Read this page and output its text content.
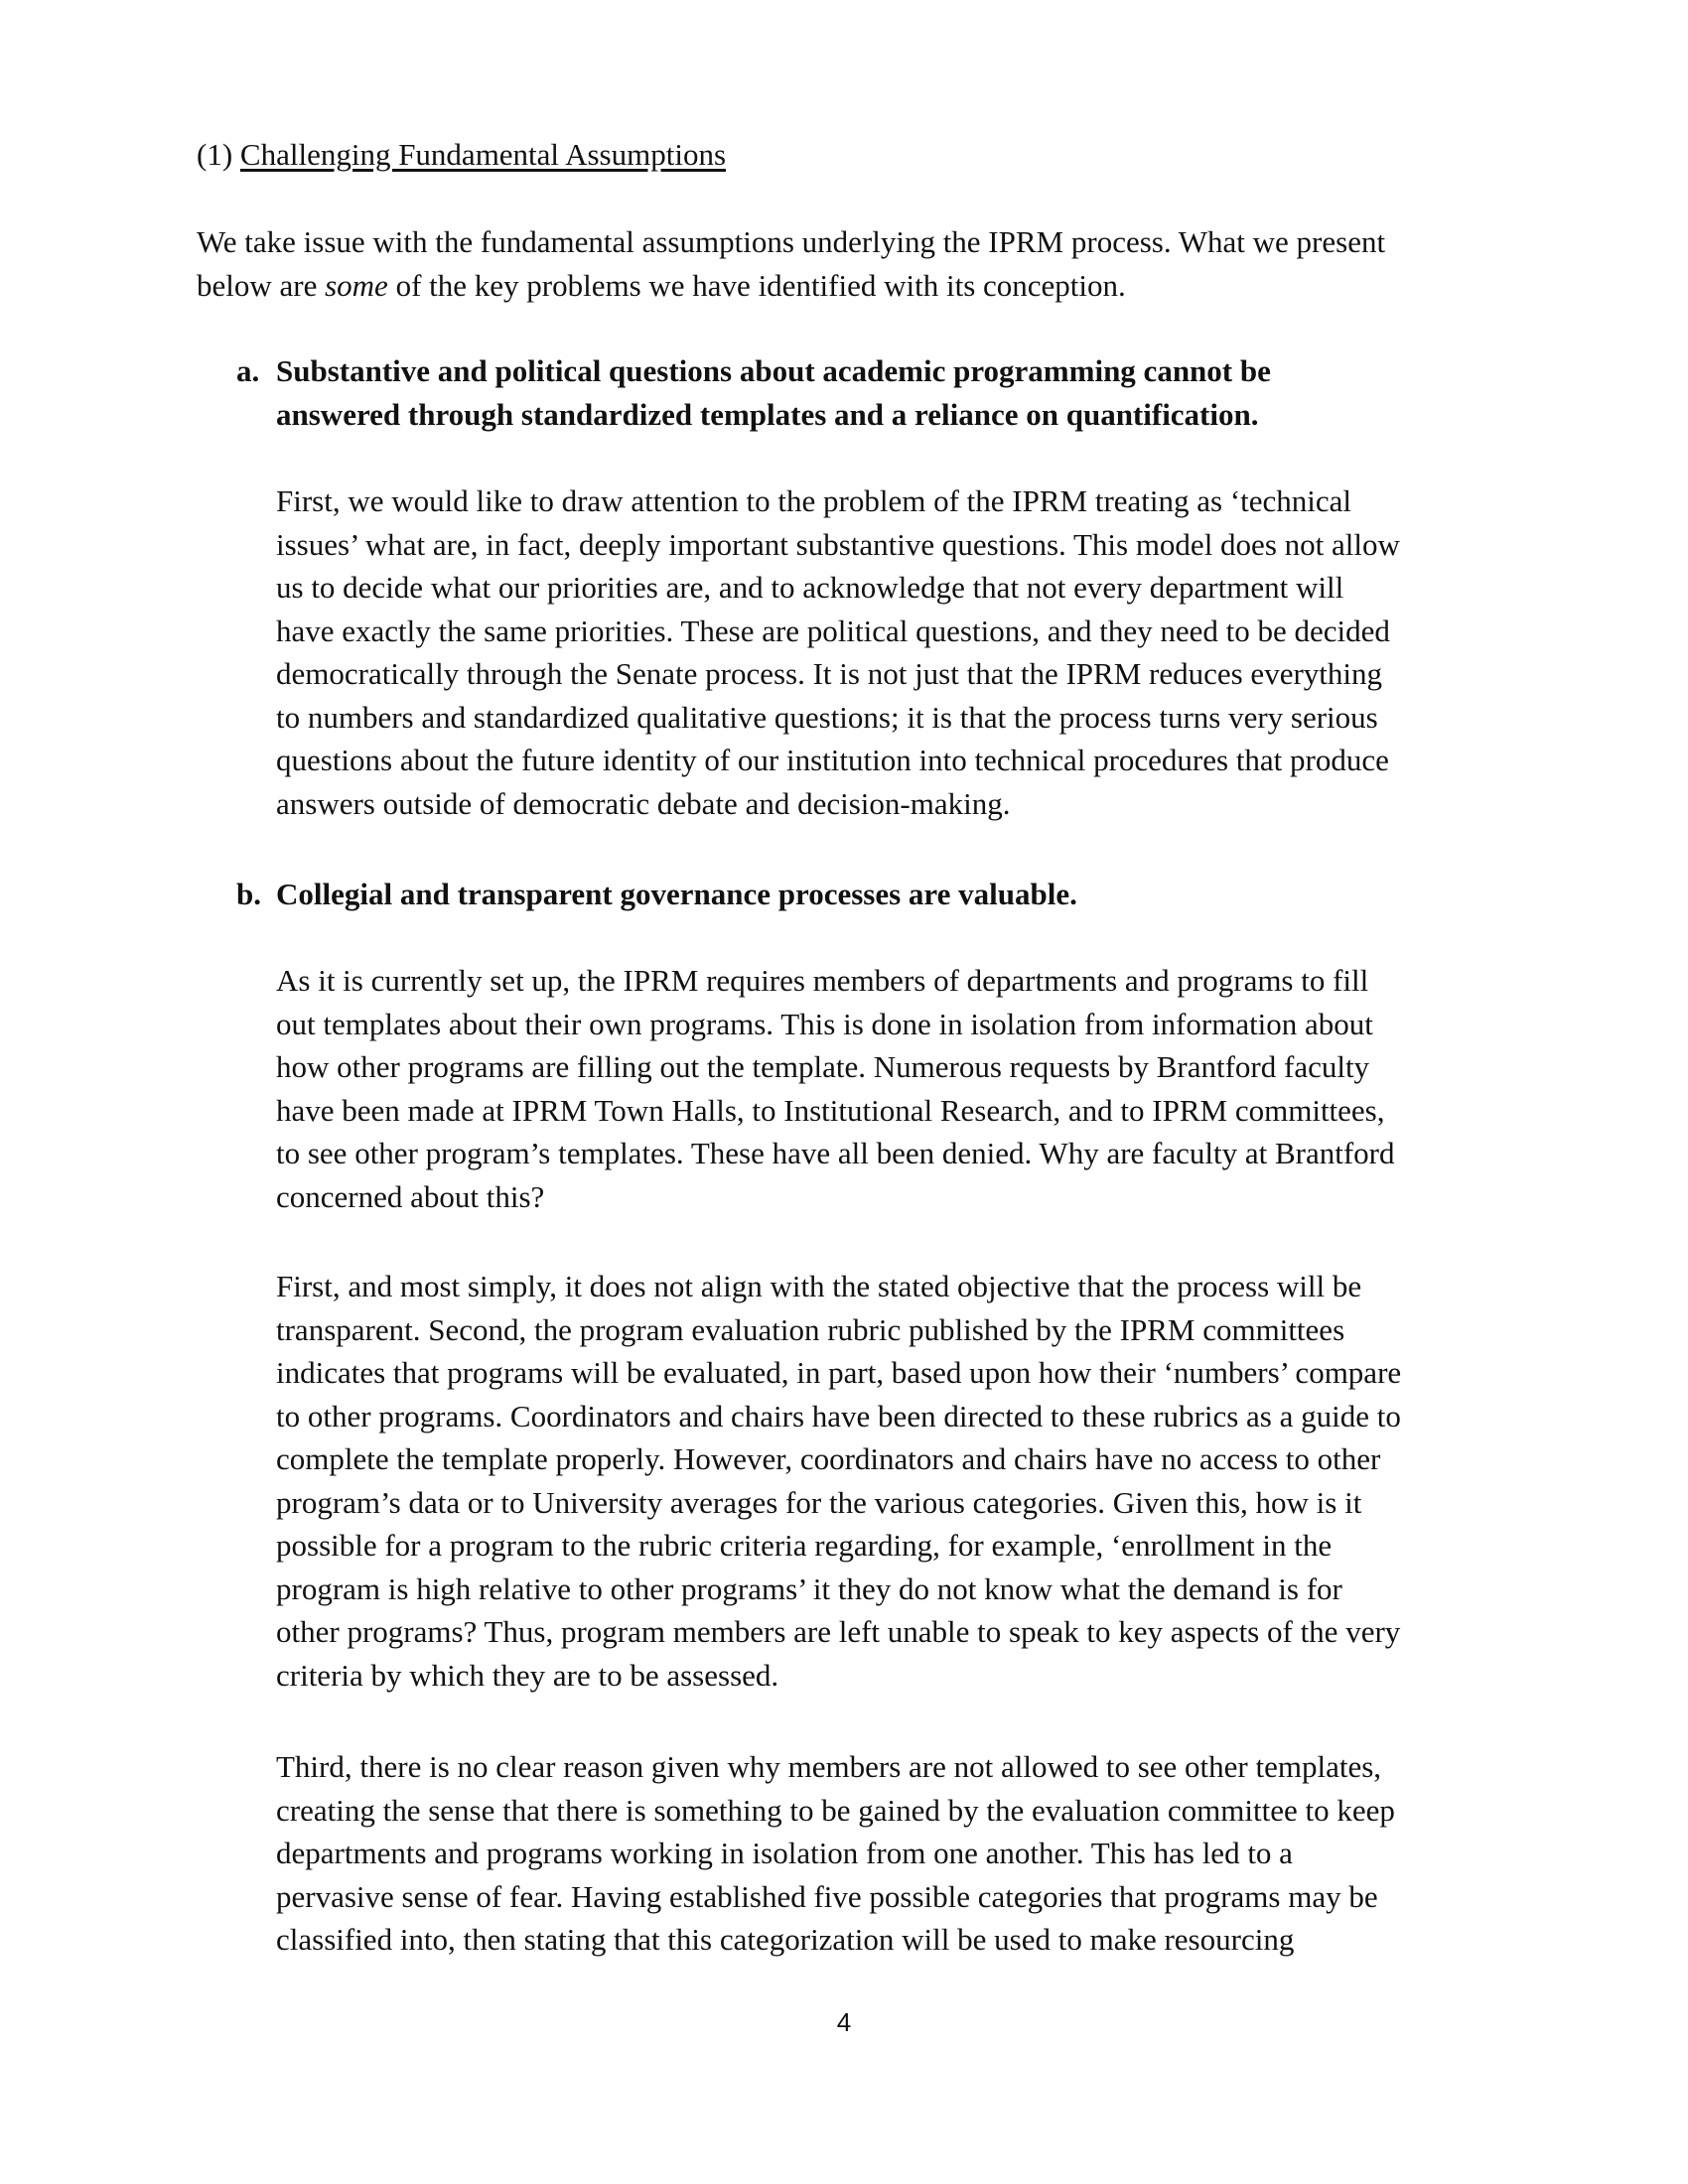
(1) Challenging Fundamental Assumptions

We take issue with the fundamental assumptions underlying the IPRM process. What we present
below are some of the key problems we have identified with its conception.

a. Substantive and political questions about academic programming cannot be
answered through standardized templates and a reliance on quantification.

First, we would like to draw attention to the problem of the IPRM treating as ‘technical
issues’ what are, in fact, deeply important substantive questions. This model does not allow
us to decide what our priorities are, and to acknowledge that not every department will
have exactly the same priorities. These are political questions, and they need to be decided
democratically through the Senate process. It is not just that the IPRM reduces everything
to numbers and standardized qualitative questions; it is that the process turns very serious
questions about the future identity of our institution into technical procedures that produce
answers outside of democratic debate and decision-making.

b. Collegial and transparent governance processes are valuable.

As it is currently set up, the IPRM requires members of departments and programs to fill
out templates about their own programs. This is done in isolation from information about
how other programs are filling out the template. Numerous requests by Brantford faculty
have been made at IPRM Town Halls, to Institutional Research, and to IPRM committees,
to see other program’s templates. These have all been denied. Why are faculty at Brantford
concerned about this?

First, and most simply, it does not align with the stated objective that the process will be
transparent. Second, the program evaluation rubric published by the IPRM committees
indicates that programs will be evaluated, in part, based upon how their ‘numbers’ compare
to other programs. Coordinators and chairs have been directed to these rubrics as a guide to
complete the template properly. However, coordinators and chairs have no access to other
program’s data or to University averages for the various categories. Given this, how is it
possible for a program to the rubric criteria regarding, for example, ‘enrollment in the
program is high relative to other programs’ it they do not know what the demand is for
other programs? Thus, program members are left unable to speak to key aspects of the very
criteria by which they are to be assessed.

Third, there is no clear reason given why members are not allowed to see other templates,
creating the sense that there is something to be gained by the evaluation committee to keep
departments and programs working in isolation from one another. This has led to a
pervasive sense of fear. Having established five possible categories that programs may be
classified into, then stating that this categorization will be used to make resourcing

4
